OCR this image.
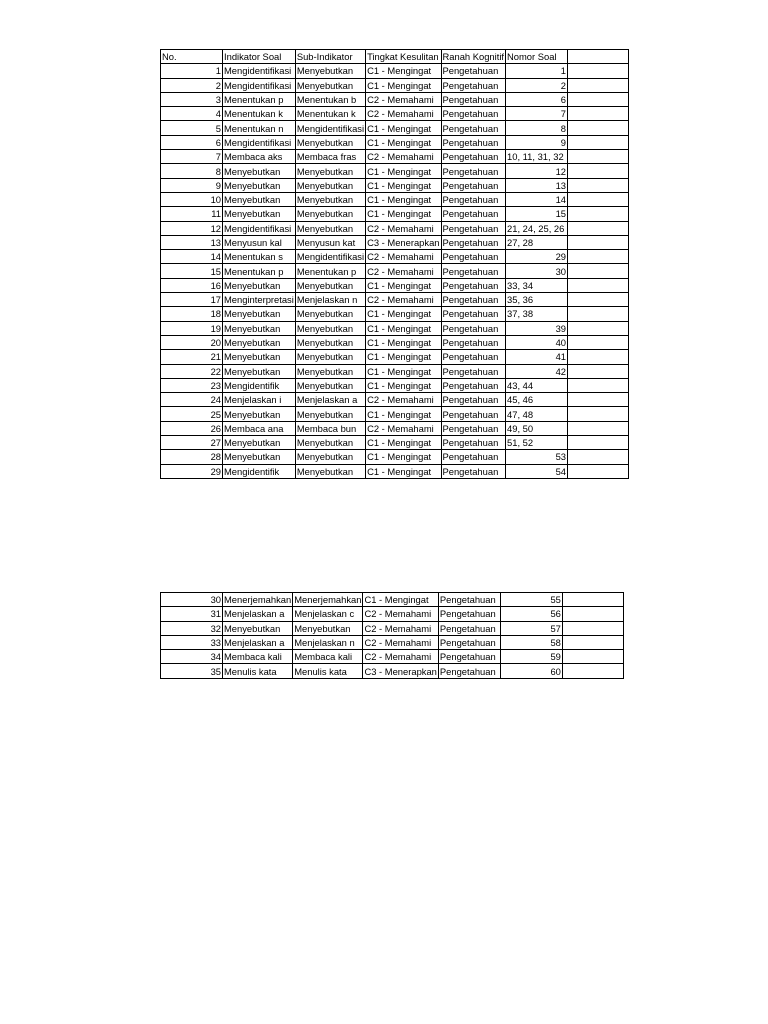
No.	Indikator Soal	Sub-Indikator	Tingkat Kesulitan	Ranah Kognitif	Nomor Soal	
1	Mengidentifikasi	Menyebutkan	C1 - Mengingat	Pengetahuan	1	
2	Mengidentifikasi	Menyebutkan	C1 - Mengingat	Pengetahuan	2	
3	Menentukan p	Menentukan b	C2 - Memahami	Pengetahuan	6	
4	Menentukan k	Menentukan k	C2 - Memahami	Pengetahuan	7	
5	Menentukan n	Mengidentifikasi	C1 - Mengingat	Pengetahuan	8	
6	Mengidentifikasi	Menyebutkan	C1 - Mengingat	Pengetahuan	9	
7	Membaca aks	Membaca fras	C2 - Memahami	Pengetahuan	10, 11, 31, 32	
8	Menyebutkan	Menyebutkan	C1 - Mengingat	Pengetahuan	12	
9	Menyebutkan	Menyebutkan	C1 - Mengingat	Pengetahuan	13	
10	Menyebutkan	Menyebutkan	C1 - Mengingat	Pengetahuan	14	
11	Menyebutkan	Menyebutkan	C1 - Mengingat	Pengetahuan	15	
12	Mengidentifikasi	Menyebutkan	C2 - Memahami	Pengetahuan	21, 24, 25, 26	
13	Menyusun kal	Menyusun kat	C3 - Menerapkan	Pengetahuan	27, 28	
14	Menentukan s	Mengidentifikasi	C2 - Memahami	Pengetahuan	29	
15	Menentukan p	Menentukan p	C2 - Memahami	Pengetahuan	30	
16	Menyebutkan	Menyebutkan	C1 - Mengingat	Pengetahuan	33, 34	
17	Menginterpretasi	Menjelaskan n	C2 - Memahami	Pengetahuan	35, 36	
18	Menyebutkan	Menyebutkan	C1 - Mengingat	Pengetahuan	37, 38	
19	Menyebutkan	Menyebutkan	C1 - Mengingat	Pengetahuan	39	
20	Menyebutkan	Menyebutkan	C1 - Mengingat	Pengetahuan	40	
21	Menyebutkan	Menyebutkan	C1 - Mengingat	Pengetahuan	41	
22	Menyebutkan	Menyebutkan	C1 - Mengingat	Pengetahuan	42	
23	Mengidentifik	Menyebutkan	C1 - Mengingat	Pengetahuan	43, 44	
24	Menjelaskan i	Menjelaskan a	C2 - Memahami	Pengetahuan	45, 46	
25	Menyebutkan	Menyebutkan	C1 - Mengingat	Pengetahuan	47, 48	
26	Membaca ana	Membaca bun	C2 - Memahami	Pengetahuan	49, 50	
27	Menyebutkan	Menyebutkan	C1 - Mengingat	Pengetahuan	51, 52	
28	Menyebutkan	Menyebutkan	C1 - Mengingat	Pengetahuan	53	
29	Mengidentifik	Menyebutkan	C1 - Mengingat	Pengetahuan	54	
30	Menerjemahkan	Menerjemahkan	C1 - Mengingat	Pengetahuan	55	
31	Menjelaskan a	Menjelaskan c	C2 - Memahami	Pengetahuan	56	
32	Menyebutkan	Menyebutkan	C2 - Memahami	Pengetahuan	57	
33	Menjelaskan a	Menjelaskan n	C2 - Memahami	Pengetahuan	58	
34	Membaca kali	Membaca kali	C2 - Memahami	Pengetahuan	59	
35	Menulis kata	Menulis kata	C3 - Menerapkan	Pengetahuan	60	
